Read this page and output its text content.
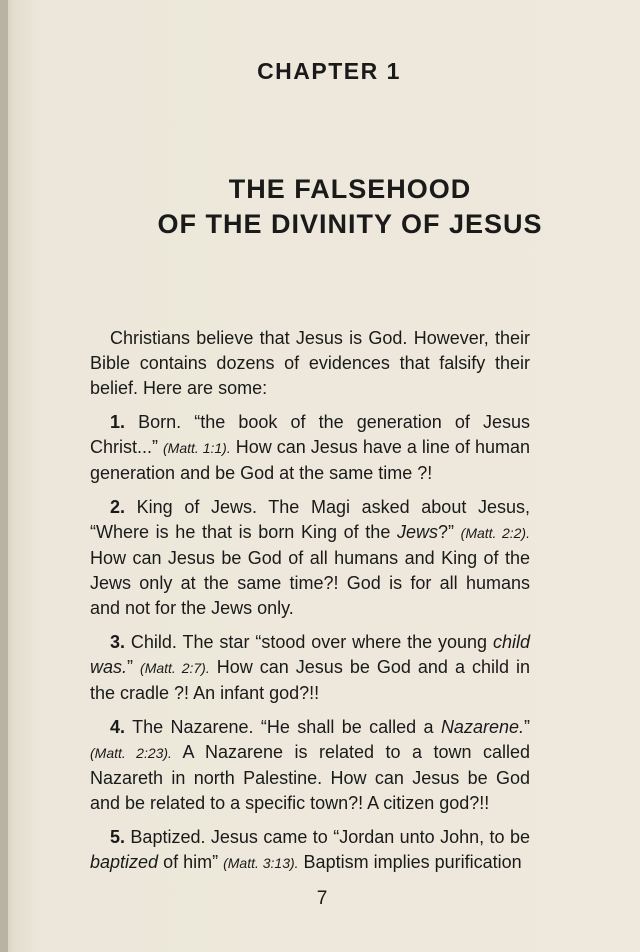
CHAPTER 1
THE FALSEHOOD
OF THE DIVINITY OF JESUS

Christians believe that Jesus is God. However, their Bible contains dozens of evidences that falsify their belief. Here are some:

1. Born. “the book of the generation of Jesus Christ...” (Matt. 1:1). How can Jesus have a line of human generation and be God at the same time ?!

2. King of Jews. The Magi asked about Jesus, “Where is he that is born King of the Jews?” (Matt. 2:2). How can Jesus be God of all humans and King of the Jews only at the same time?! God is for all humans and not for the Jews only.

3. Child. The star “stood over where the young child was.” (Matt. 2:7). How can Jesus be God and a child in the cradle ?! An infant god?!!

4. The Nazarene. “He shall be called a Nazarene.” (Matt. 2:23). A Nazarene is related to a town called Nazareth in north Palestine. How can Jesus be God and be related to a specific town?! A citizen god?!!

5. Baptized. Jesus came to “Jordan unto John, to be baptized of him” (Matt. 3:13). Baptism implies purification

7
